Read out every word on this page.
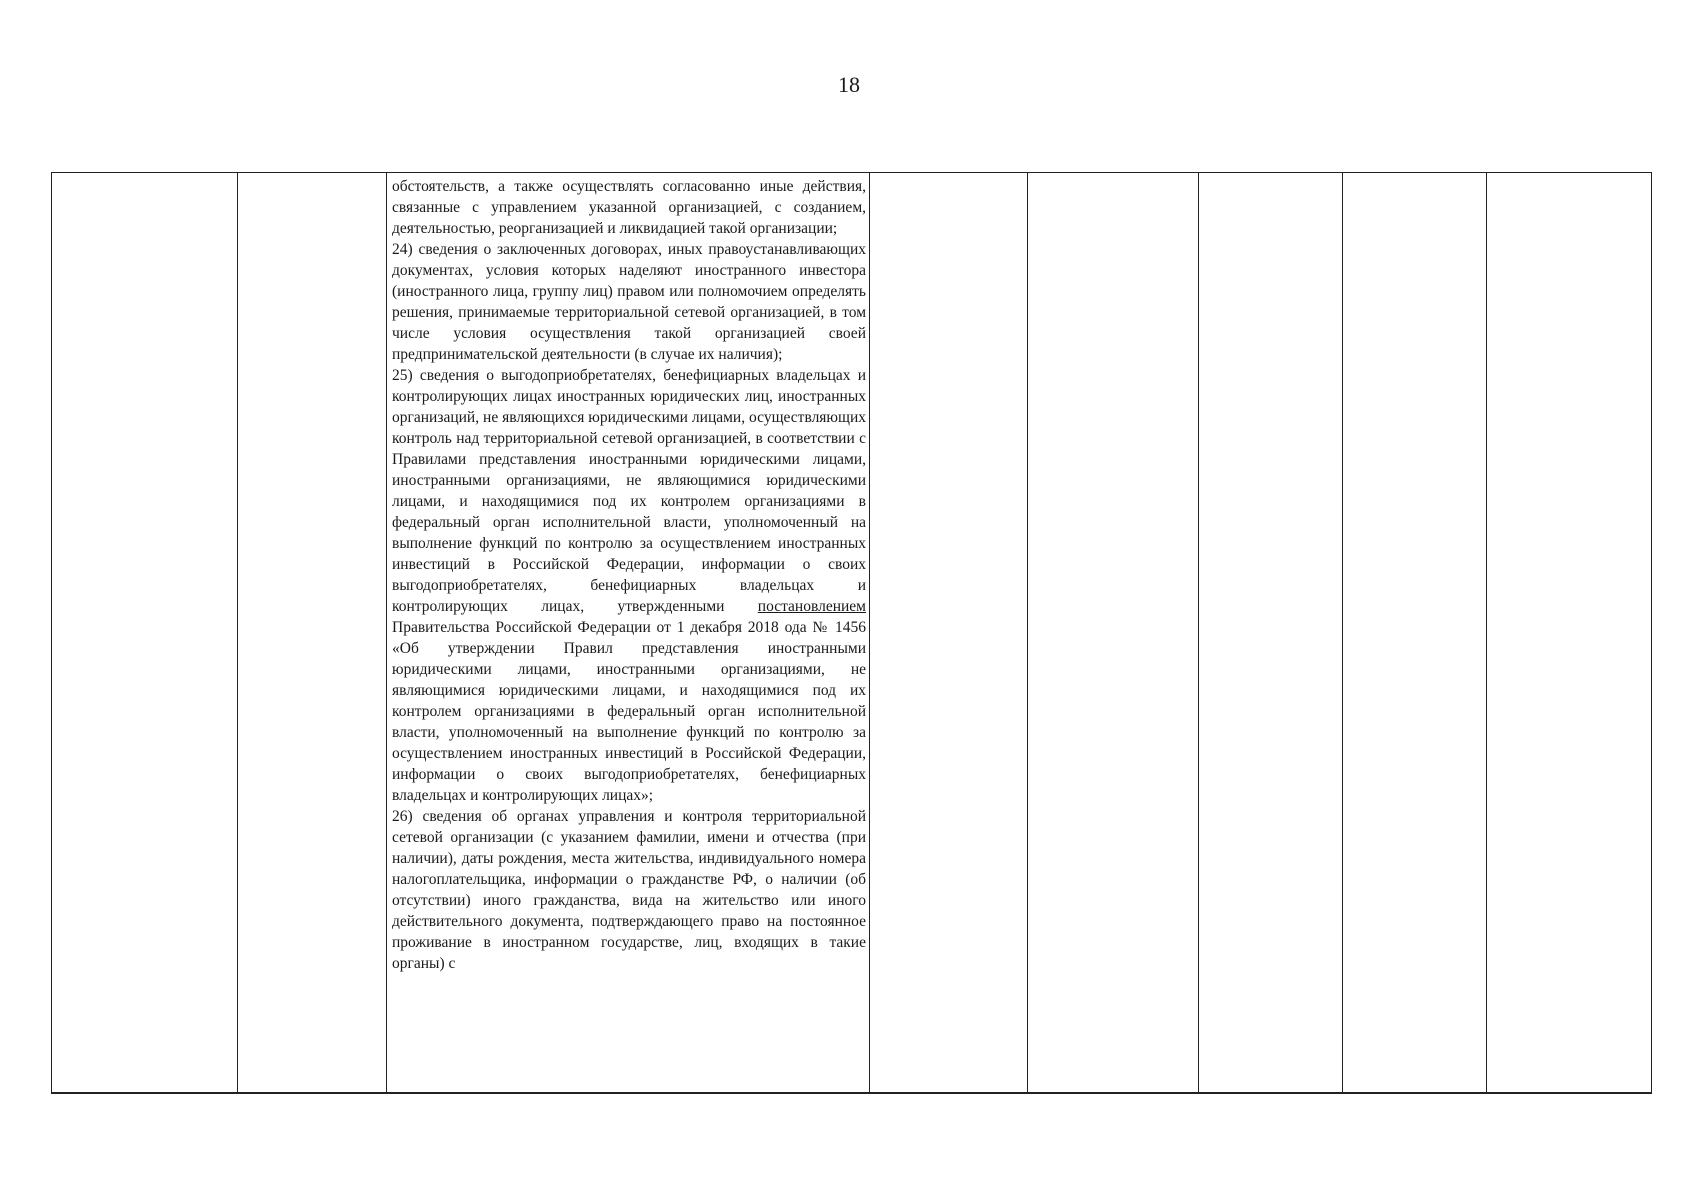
18

обстоятельств, а также осуществлять согласованно иные действия, связанные с управлением указанной организацией, с созданием, деятельностью, реорганизацией и ликвидацией такой организации;

24) сведения о заключенных договорах, иных правоустанавливающих документах, условия которых наделяют иностранного инвестора (иностранного лица, группу лиц) правом или полномочием определять решения, принимаемые территориальной сетевой организацией, в том числе условия осуществления такой организацией своей предпринимательской деятельности (в случае их наличия);

25) сведения о выгодоприобретателях, бенефициарных владельцах и контролирующих лицах иностранных юридических лиц, иностранных организаций, не являющихся юридическими лицами, осуществляющих контроль над территориальной сетевой организацией, в соответствии с Правилами представления иностранными юридическими лицами, иностранными организациями, не являющимися юридическими лицами, и находящимися под их контролем организациями в федеральный орган исполнительной власти, уполномоченный на выполнение функций по контролю за осуществлением иностранных инвестиций в Российской Федерации, информации о своих выгодоприобретателях, бенефициарных владельцах и контролирующих лицах, утвержденными постановлением Правительства Российской Федерации от 1 декабря 2018 ода № 1456 «Об утверждении Правил представления иностранными юридическими лицами, иностранными организациями, не являющимися юридическими лицами, и находящимися под их контролем организациями в федеральный орган исполнительной власти, уполномоченный на выполнение функций по контролю за осуществлением иностранных инвестиций в Российской Федерации, информации о своих выгодоприобретателях, бенефициарных владельцах и контролирующих лицах»;

26) сведения об органах управления и контроля территориальной сетевой организации (с указанием фамилии, имени и отчества (при наличии), даты рождения, места жительства, индивидуального номера налогоплательщика, информации о гражданстве РФ, о наличии (об отсутствии) иного гражданства, вида на жительство или иного действительного документа, подтверждающего право на постоянное проживание в иностранном государстве, лиц, входящих в такие органы) с
